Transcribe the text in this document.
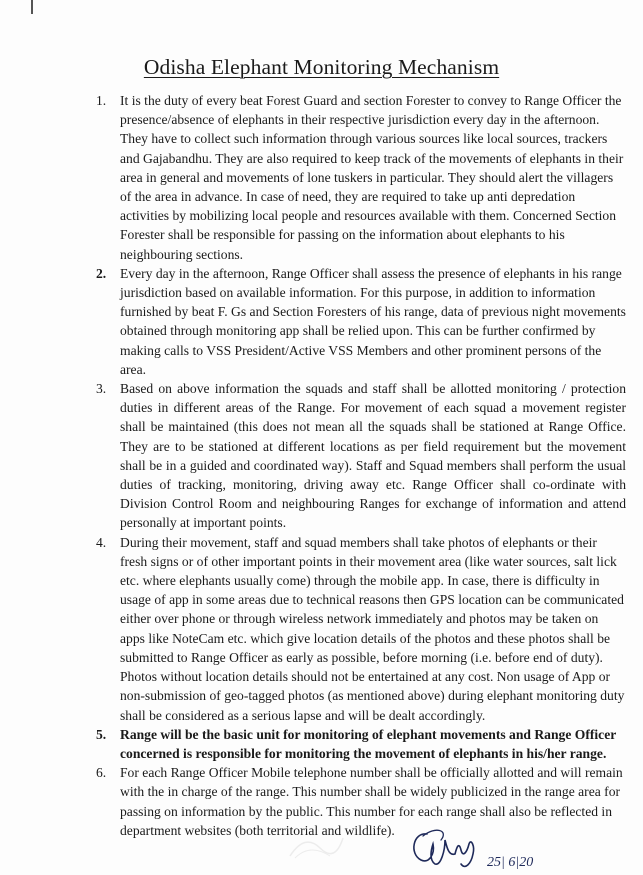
Odisha Elephant Monitoring Mechanism
1.	It is the duty of every beat Forest Guard and section Forester to convey to Range Officer the presence/absence of elephants in their respective jurisdiction every day in the afternoon. They have to collect such information through various sources like local sources, trackers and Gajabandhu. They are also required to keep track of the movements of elephants in their area in general and movements of lone tuskers in particular. They should alert the villagers of the area in advance. In case of need, they are required to take up anti depredation activities by mobilizing local people and resources available with them. Concerned Section Forester shall be responsible for passing on the information about elephants to his neighbouring sections.
2.	Every day in the afternoon, Range Officer shall assess the presence of elephants in his range jurisdiction based on available information. For this purpose, in addition to information furnished by beat F. Gs and Section Foresters of his range, data of previous night movements obtained through monitoring app shall be relied upon. This can be further confirmed by making calls to VSS President/Active VSS Members and other prominent persons of the area.
3.	Based on above information the squads and staff shall be allotted monitoring / protection duties in different areas of the Range. For movement of each squad a movement register shall be maintained (this does not mean all the squads shall be stationed at Range Office. They are to be stationed at different locations as per field requirement but the movement shall be in a guided and coordinated way). Staff and Squad members shall perform the usual duties of tracking, monitoring, driving away etc. Range Officer shall co-ordinate with Division Control Room and neighbouring Ranges for exchange of information and attend personally at important points.
4.	During their movement, staff and squad members shall take photos of elephants or their fresh signs or of other important points in their movement area (like water sources, salt lick etc. where elephants usually come) through the mobile app. In case, there is difficulty in usage of app in some areas due to technical reasons then GPS location can be communicated either over phone or through wireless network immediately and photos may be taken on apps like NoteCam etc. which give location details of the photos and these photos shall be submitted to Range Officer as early as possible, before morning (i.e. before end of duty). Photos without location details should not be entertained at any cost. Non usage of App or non-submission of geo-tagged photos (as mentioned above) during elephant monitoring duty shall be considered as a serious lapse and will be dealt accordingly.
5.	Range will be the basic unit for monitoring of elephant movements and Range Officer concerned is responsible for monitoring the movement of elephants in his/her range.
6.	For each Range Officer Mobile telephone number shall be officially allotted and will remain with the in charge of the range. This number shall be widely publicized in the range area for passing on information by the public. This number for each range shall also be reflected in department websites (both territorial and wildlife).
25| 6|20
